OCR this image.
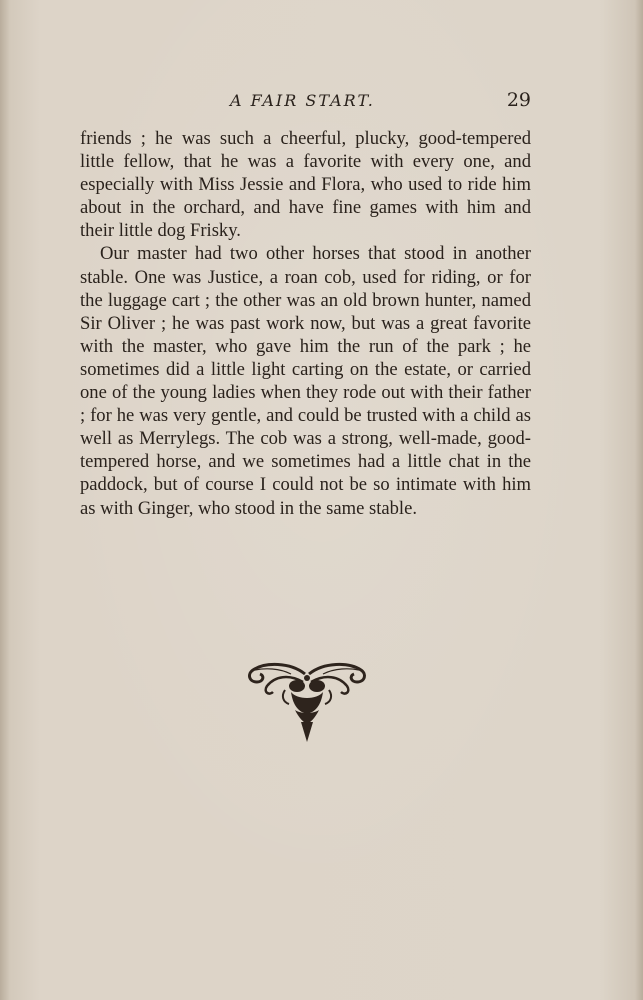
A FAIR START.	29

friends ; he was such a cheerful, plucky, good-tempered little fellow, that he was a favorite with every one, and especially with Miss Jessie and Flora, who used to ride him about in the orchard, and have fine games with him and their little dog Frisky.

Our master had two other horses that stood in another stable. One was Justice, a roan cob, used for riding, or for the luggage cart ; the other was an old brown hunter, named Sir Oliver ; he was past work now, but was a great favorite with the master, who gave him the run of the park ; he sometimes did a little light carting on the estate, or carried one of the young ladies when they rode out with their father ; for he was very gentle, and could be trusted with a child as well as Merrylegs. The cob was a strong, well-made, good-tempered horse, and we sometimes had a little chat in the paddock, but of course I could not be so intimate with him as with Ginger, who stood in the same stable.
